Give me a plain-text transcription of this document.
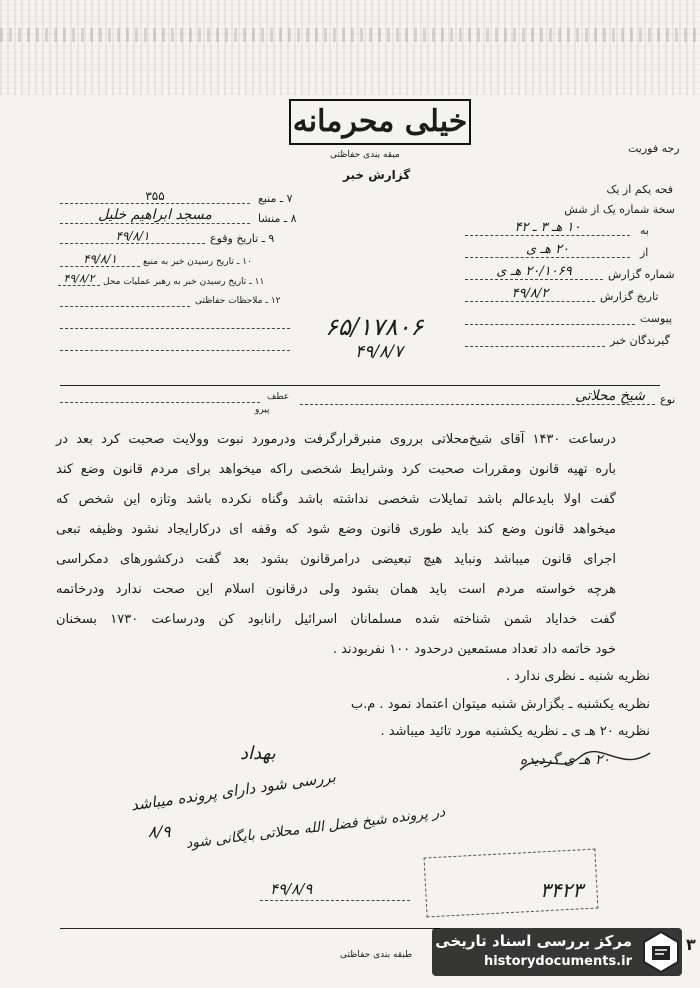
خیلی محرمانه
مبقه بندی حفاظتی
گزارش خبر
رجه فوریت
فحه یکم از یک
سخة شماره یک از شش
به
۱۰ هـ ۳ ـ ۴۲
از
۲۰ هـ ی
شماره گزارش
۲۰/۱۰۶۹ هـ ی
تاریخ گزارش
۴۹/۸/۲
پیوست
گیرندگان خبر
۷ ـ منبع
۳۵۵
۸ ـ منشا
مسجد ابراهیم خلیل
۹ ـ تاریخ وقوع
۴۹/۸/۱
۱۰ ـ تاریخ رسیدن خبر به منبع
۴۹/۸/۱
۱۱ ـ تاریخ رسیدن خبر به رهبر عملیات محل
۴۹/۸/۲
۱۲ ـ ملاحظات حفاظتی
۶۵/۱۷۸۰۶
۴۹/۸/۷
نوع
شیخ محلاتی
عطف
پیرو
درساعت ۱۴۳۰ آقای شیخ‌محلاتی برروی منبرقرارگرفت ودرمورد نبوت وولایت صحبت کرد بعد در
باره تهیه قانون ومقررات صحبت کرد وشرایط شخصی راکه میخواهد برای مردم قانون وضع کند
گفت اولا بایدعالم باشد تمایلات شخصی نداشته باشد وگناه نکرده باشد وتازه این شخص که
میخواهد قانون وضع کند باید طوری قانون وضع شود که وقفه ای درکارایجاد نشود وظیفه تبعی
اجرای قانون میباشد ونباید هیچ تبعیضی درامرقانون بشود بعد گفت درکشورهای دمکراسی
هرچه خواسته مردم است باید همان بشود ولی درقانون اسلام این صحت ندارد ودرخاتمه
گفت خدایاد شمن شناخته شده مسلمانان اسرائیل رانابود کن ودرساعت ۱۷۳۰ بسخنان
خود خاتمه داد تعداد مستمعین درحدود ۱۰۰ نفربودند .
نظریه شنبه ـ نظری ندارد .
نظریه یکشنبه ـ بگزارش شنبه میتوان اعتماد نمود . م.ب
نظریه ۲۰ هـ ی ـ نظریه یکشنبه مورد تائید میباشد .
۲۰ هـ ی گردیده
بهداد
بررسی شود دارای پرونده میباشد
در پرونده شیخ فضل الله محلاتی بایگانی شود
۸/۹
۳۴۲۳
۴۹/۸/۹
طبقه بندی حفاظتی
مرکز بررسی اسناد تاریخی
historydocuments.ir
۳
